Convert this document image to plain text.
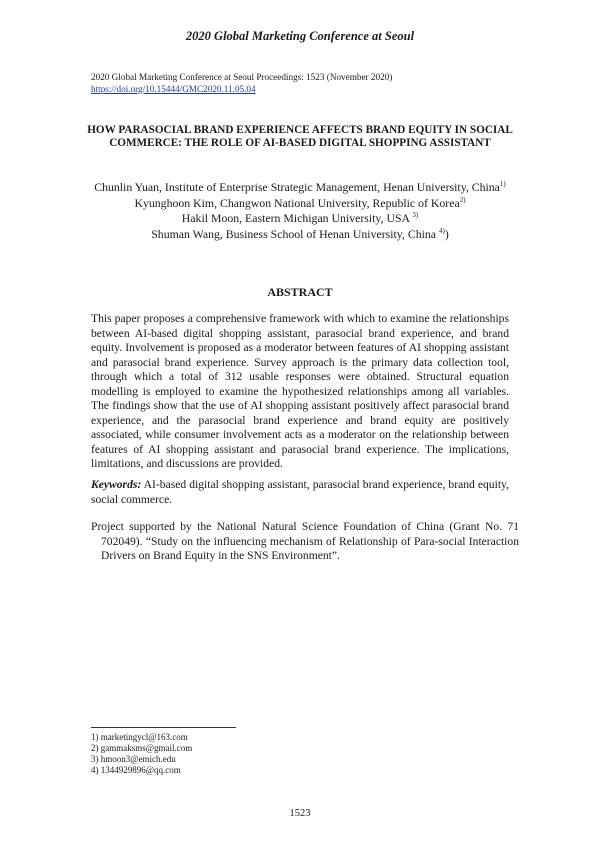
2020 Global Marketing Conference at Seoul
2020 Global Marketing Conference at Seoul Proceedings: 1523 (November 2020)
https://doi.org/10.15444/GMC2020.11.05.04
HOW PARASOCIAL BRAND EXPERIENCE AFFECTS BRAND EQUITY IN SOCIAL COMMERCE: THE ROLE OF AI-BASED DIGITAL SHOPPING ASSISTANT
Chunlin Yuan, Institute of Enterprise Strategic Management, Henan University, China$^{1)}$
Kyunghoon Kim, Changwon National University, Republic of Korea$^{2)}$
Hakil Moon, Eastern Michigan University, USA $^{3)}$
Shuman Wang, Business School of Henan University, China $^{4)}$)
ABSTRACT

This paper proposes a comprehensive framework with which to examine the relationships between AI-based digital shopping assistant, parasocial brand experience, and brand equity. Involvement is proposed as a moderator between features of AI shopping assistant and parasocial brand experience. Survey approach is the primary data collection tool, through which a total of 312 usable responses were obtained. Structural equation modelling is employed to examine the hypothesized relationships among all variables. The findings show that the use of AI shopping assistant positively affect parasocial brand experience, and the parasocial brand experience and brand equity are positively associated, while consumer involvement acts as a moderator on the relationship between features of AI shopping assistant and parasocial brand experience. The implications, limitations, and discussions are provided.

Keywords: AI-based digital shopping assistant, parasocial brand experience, brand equity, social commerce.

Project supported by the National Natural Science Foundation of China (Grant No. 71 702049). “Study on the influencing mechanism of Relationship of Para-social Interaction Drivers on Brand Equity in the SNS Environment”.

1) marketingycl@163.com
2) gammaksms@gmail.com
3) hmoon3@emich.edu
4) 1344929896@qq.com
1523
